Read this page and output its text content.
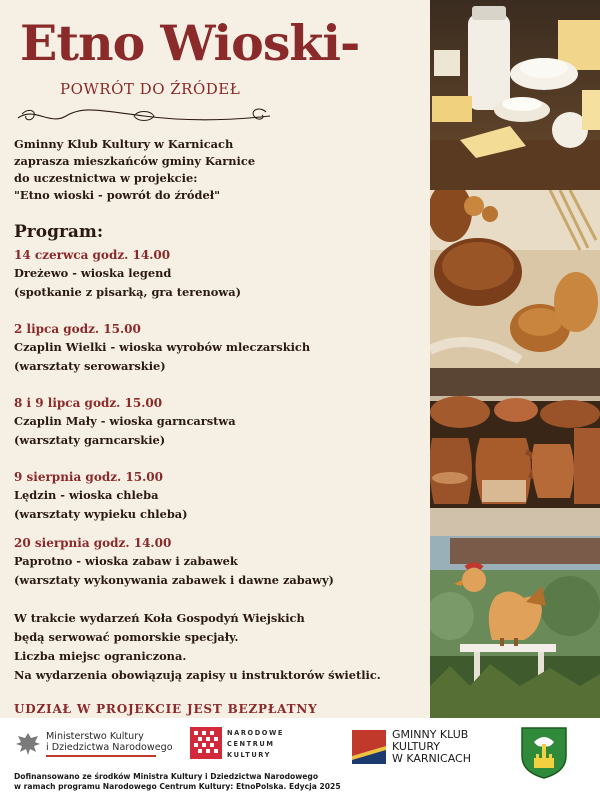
Etno Wioski-
POWRÓT DO ŹRÓDEŁ
Gminny Klub Kultury w Karnicach
zaprasza mieszkańców gminy Karnice
do uczestnictwa w projekcie:
"Etno wioski - powrót do źródeł"
Program:
14 czerwca godz. 14.00
Dreżewo - wioska legend
(spotkanie z pisarką, gra terenowa)
2 lipca godz. 15.00
Czaplin Wielki - wioska wyrobów mleczarskich
(warsztaty serowarskie)
8 i 9 lipca godz. 15.00
Czaplin Mały - wioska garncarstwa
(warsztaty garncarskie)
9 sierpnia godz. 15.00
Lędzin - wioska chleba
(warsztaty wypieku chleba)
20 sierpnia godz. 14.00
Paprotno - wioska zabaw i zabawek
(warsztaty wykonywania zabawek i dawne zabawy)
W trakcie wydarzeń Koła Gospodyń Wiejskich
będą serwować pomorskie specjały.
Liczba miejsc ograniczona.
Na wydarzenia obowiązują zapisy u instruktorów świetlic.
UDZIAŁ W PROJEKCIE JEST BEZPŁATNY
Ministerstwo Kultury
i Dziedzictwa Narodowego
NARODOWE
CENTRUM
KULTURY
GMINNY KLUB
KULTURY
W KARNICACH
Dofinansowano ze środków Ministra Kultury i Dziedzictwa Narodowego
w ramach programu Narodowego Centrum Kultury: EtnoPolska. Edycja 2025
